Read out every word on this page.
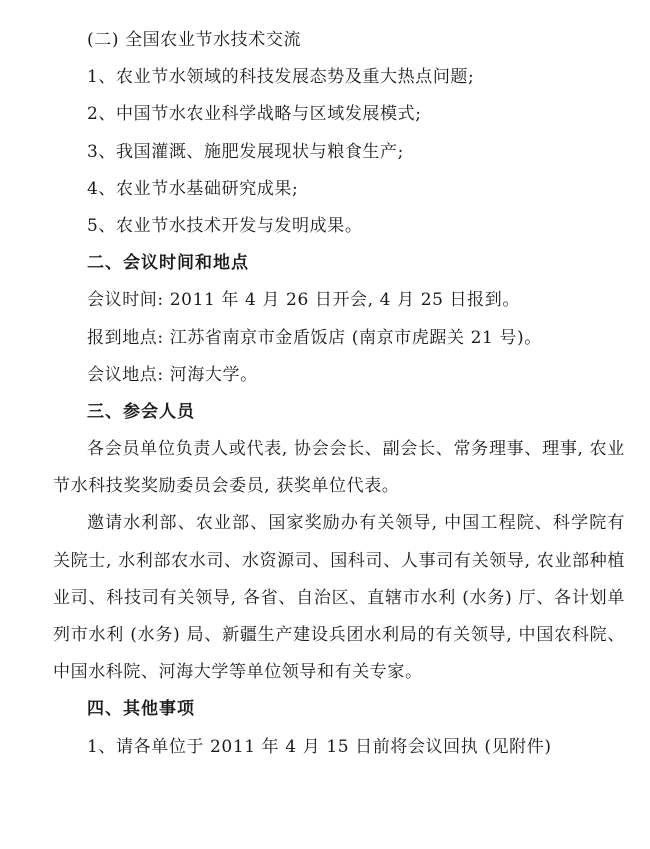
(二) 全国农业节水技术交流
1、农业节水领域的科技发展态势及重大热点问题;
2、中国节水农业科学战略与区域发展模式;
3、我国灌溉、施肥发展现状与粮食生产;
4、农业节水基础研究成果;
5、农业节水技术开发与发明成果。
二、会议时间和地点
会议时间: 2011 年 4 月 26 日开会, 4 月 25 日报到。
报到地点: 江苏省南京市金盾饭店 (南京市虎踞关 21 号)。
会议地点: 河海大学。
三、参会人员

各会员单位负责人或代表, 协会会长、副会长、常务理事、理事, 农业节水科技奖奖励委员会委员, 获奖单位代表。

邀请水利部、农业部、国家奖励办有关领导, 中国工程院、科学院有关院士, 水利部农水司、水资源司、国科司、人事司有关领导, 农业部种植业司、科技司有关领导, 各省、自治区、直辖市水利 (水务) 厅、各计划单列市水利 (水务) 局、新疆生产建设兵团水利局的有关领导, 中国农科院、中国水科院、河海大学等单位领导和有关专家。

四、其他事项
1、请各单位于 2011 年 4 月 15 日前将会议回执 (见附件)
